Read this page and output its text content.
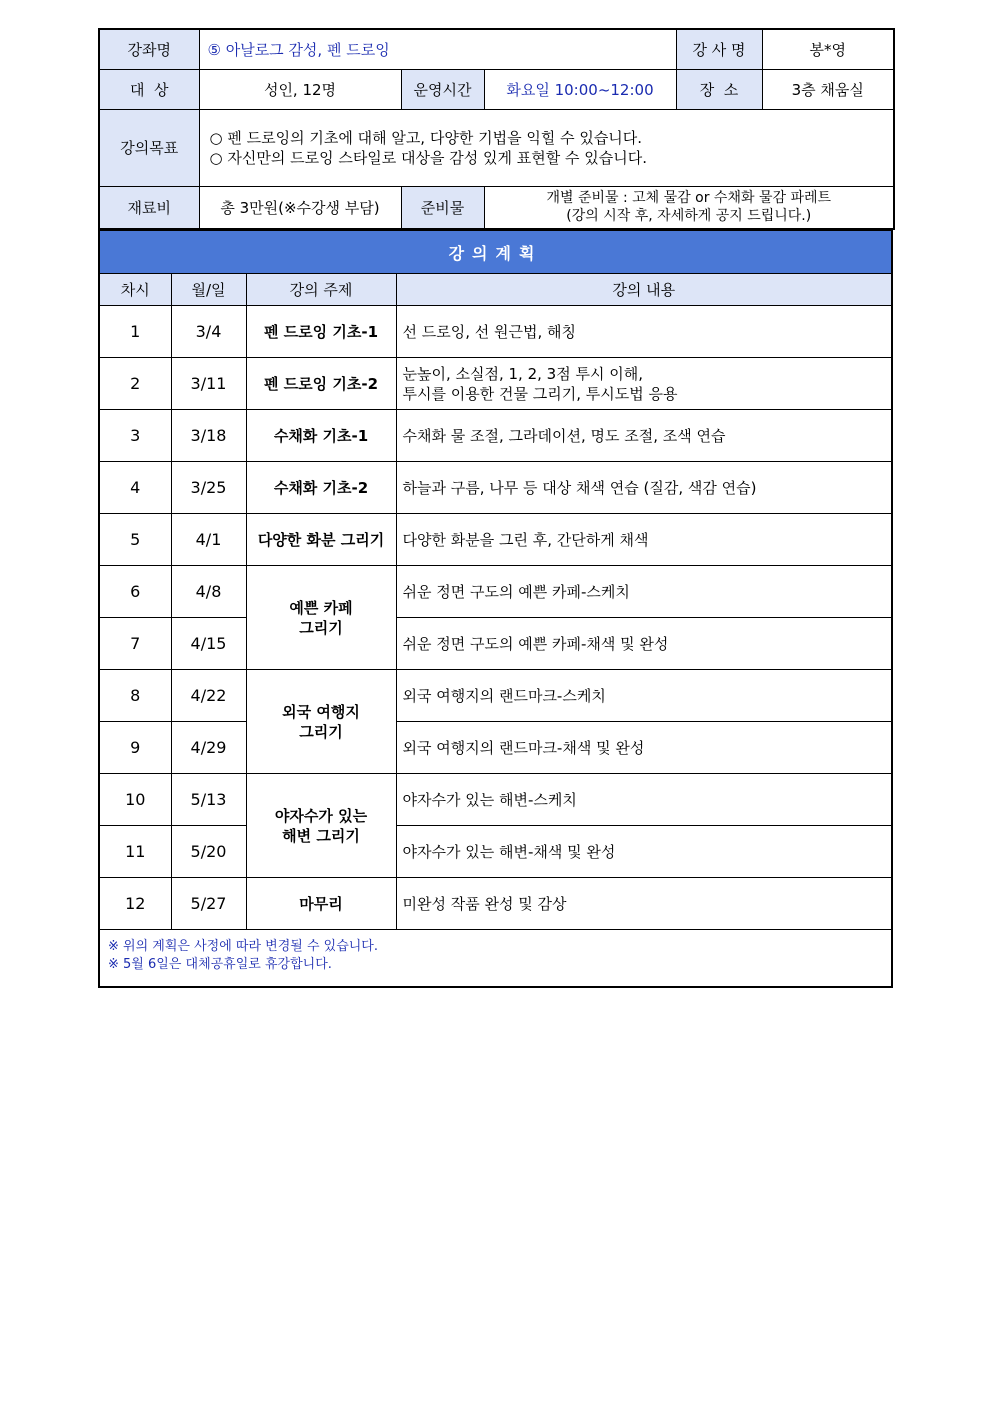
강좌명	⑤ 아날로그 감성, 펜 드로잉			강 사 명	봉*영
대  상	성인, 12명	운영시간	화요일 10:00~12:00	장  소	3층 채움실
강의목표	○ 펜 드로잉의 기초에 대해 알고, 다양한 기법을 익힐 수 있습니다.
○ 자신만의 드로잉 스타일로 대상을 감성 있게 표현할 수 있습니다.				

재료비	총 3만원(※수강생 부담)	준비물	개별 준비물 : 고체 물감 or 수채화 물감 파레트
(강의 시작 후, 자세하게 공지 드립니다.)		
강의계획			
차시	월/일	강의 주제	강의 내용
1	3/4	펜 드로잉 기초-1	선 드로잉, 선 원근법, 해칭
2	3/11	펜 드로잉 기초-2	눈높이, 소실점, 1, 2, 3점 투시 이해,
투시를 이용한 건물 그리기, 투시도법 응용

3	3/18	수채화 기초-1	수채화 물 조절, 그라데이션, 명도 조절, 조색 연습
4	3/25	수채화 기초-2	하늘과 구름, 나무 등 대상 채색 연습 (질감, 색감 연습)
5	4/1	다양한 화분 그리기	다양한 화분을 그린 후, 간단하게 채색
6	4/8	예쁜 카페
그리기	쉬운 정면 구도의 예쁜 카페-스케치
7	4/15		쉬운 정면 구도의 예쁜 카페-채색 및 완성
8	4/22	외국 여행지
그리기	외국 여행지의 랜드마크-스케치
9	4/29		외국 여행지의 랜드마크-채색 및 완성
10	5/13	야자수가 있는
해변 그리기	야자수가 있는 해변-스케치
11	5/20		야자수가 있는 해변-채색 및 완성
12	5/27	마무리	미완성 작품 완성 및 감상

※ 위의 계획은 사정에 따라 변경될 수 있습니다.
※ 5월 6일은 대체공휴일로 휴강합니다.			
